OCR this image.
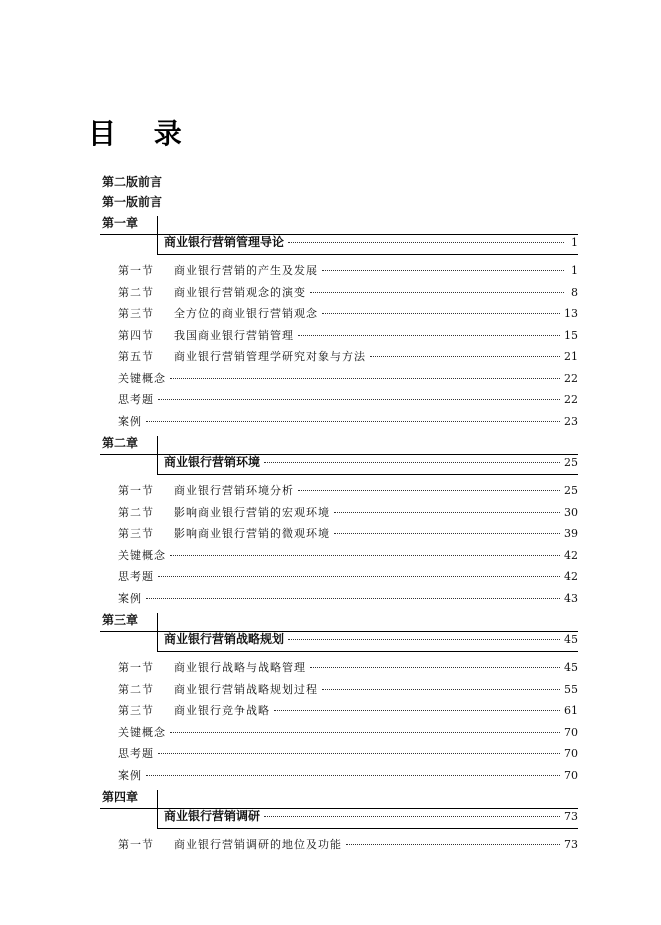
目 录
第二版前言
第一版前言
第一章
商业银行营销管理导论	1
第一节	商业银行营销的产生及发展	1
第二节	商业银行营销观念的演变	8
第三节	全方位的商业银行营销观念	13
第四节	我国商业银行营销管理	15
第五节	商业银行营销管理学研究对象与方法	21
关键概念	22
思考题	22
案例	23
第二章
商业银行营销环境	25
第一节	商业银行营销环境分析	25
第二节	影响商业银行营销的宏观环境	30
第三节	影响商业银行营销的微观环境	39
关键概念	42
思考题	42
案例	43
第三章
商业银行营销战略规划	45
第一节	商业银行战略与战略管理	45
第二节	商业银行营销战略规划过程	55
第三节	商业银行竞争战略	61
关键概念	70
思考题	70
案例	70
第四章
商业银行营销调研	73
第一节	商业银行营销调研的地位及功能	73
